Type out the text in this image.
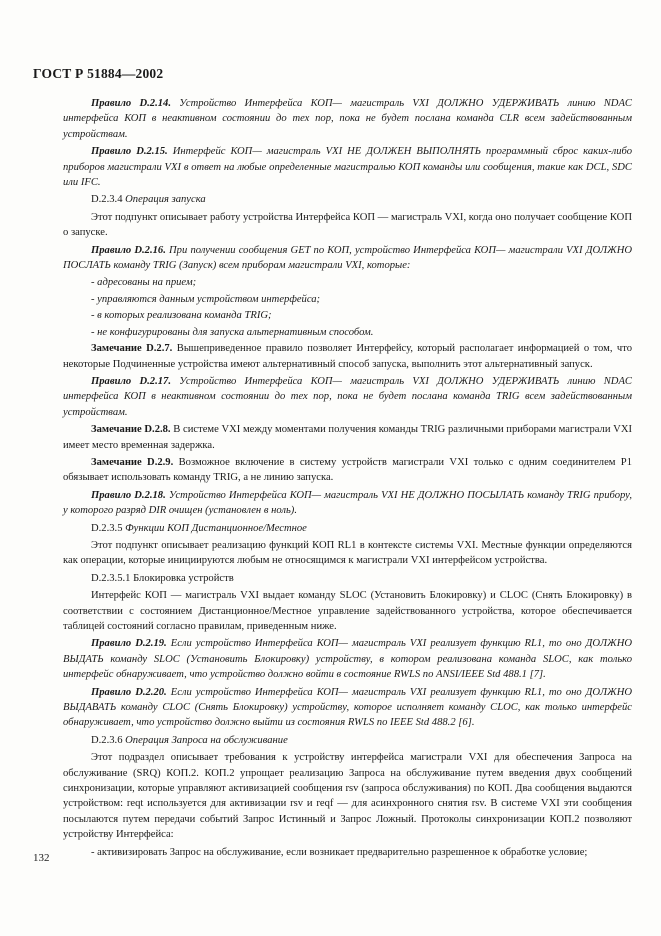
ГОСТ Р 51884—2002

Правило D.2.14. Устройство Интерфейса КОП— магистраль VXI ДОЛЖНО УДЕРЖИВАТЬ линию NDAC интерфейса КОП в неактивном состоянии до тех пор, пока не будет послана команда CLR всем задействованным устройствам.

Правило D.2.15. Интерфейс КОП— магистраль VXI НЕ ДОЛЖЕН ВЫПОЛНЯТЬ программный сброс каких-либо приборов магистрали VXI в ответ на любые определенные магистралью КОП команды или сообщения, такие как DCL, SDC или IFC.

D.2.3.4 Операция запуска

Этот подпункт описывает работу устройства Интерфейса КОП — магистраль VXI, когда оно получает сообщение КОП о запуске.

Правило D.2.16. При получении сообщения GET по КОП, устройство Интерфейса КОП— магистрали VXI ДОЛЖНО ПОСЛАТЬ команду TRIG (Запуск) всем приборам магистрали VXI, которые:

- адресованы на прием;

- управляются данным устройством интерфейса;

- в которых реализована команда TRIG;

- не конфигурированы для запуска альтернативным способом.

Замечание D.2.7. Вышеприведенное правило позволяет Интерфейсу, который располагает информацией о том, что некоторые Подчиненные устройства имеют альтернативный способ запуска, выполнить этот альтернативный запуск.

Правило D.2.17. Устройство Интерфейса КОП— магистраль VXI ДОЛЖНО УДЕРЖИВАТЬ линию NDAC интерфейса КОП в неактивном состоянии до тех пор, пока не будет послана команда TRIG всем задействованным устройствам.

Замечание D.2.8. В системе VXI между моментами получения команды TRIG различными приборами магистрали VXI имеет место временная задержка.

Замечание D.2.9. Возможное включение в систему устройств магистрали VXI только с одним соединителем P1 обязывает использовать команду TRIG, а не линию запуска.

Правило D.2.18. Устройство Интерфейса КОП— магистраль VXI НЕ ДОЛЖНО ПОСЫЛАТЬ команду TRIG прибору, у которого разряд DIR очищен (установлен в ноль).

D.2.3.5 Функции КОП Дистанционное/Местное

Этот подпункт описывает реализацию функций КОП RL1 в контексте системы VXI. Местные функции определяются как операции, которые инициируются любым не относящимся к магистрали VXI интерфейсом устройства.

D.2.3.5.1 Блокировка устройств

Интерфейс КОП — магистраль VXI выдает команду SLOC (Установить Блокировку) и CLOC (Снять Блокировку) в соответствии с состоянием Дистанционное/Местное управление задействованного устройства, которое обеспечивается таблицей состояний согласно правилам, приведенным ниже.

Правило D.2.19. Если устройство Интерфейса КОП— магистраль VXI реализует функцию RL1, то оно ДОЛЖНО ВЫДАТЬ команду SLOC (Установить Блокировку) устройству, в котором реализована команда SLOC, как только интерфейс обнаруживает, что устройство должно войти в состояние RWLS по ANSI/IEEE Std 488.1 [7].

Правило D.2.20. Если устройство Интерфейса КОП— магистраль VXI реализует функцию RL1, то оно ДОЛЖНО ВЫДАВАТЬ команду CLOC (Снять Блокировку) устройству, которое исполняет команду CLOC, как только интерфейс обнаруживает, что устройство должно выйти из состояния RWLS по IEEE Std 488.2 [6].

D.2.3.6 Операция Запроса на обслуживание

Этот подраздел описывает требования к устройству интерфейса магистрали VXI для обеспечения Запроса на обслуживание (SRQ) КОП.2. КОП.2 упрощает реализацию Запроса на обслуживание путем введения двух сообщений синхронизации, которые управляют активизацией сообщения rsv (запроса обслуживания) по КОП. Два сообщения выдаются устройством: reqt используется для активизации rsv и reqf — для асинхронного снятия rsv. В системе VXI эти сообщения посылаются путем передачи событий Запрос Истинный и Запрос Ложный. Протоколы синхронизации КОП.2 позволяют устройству Интерфейса:

- активизировать Запрос на обслуживание, если возникает предварительно разрешенное к обработке условие;

132
